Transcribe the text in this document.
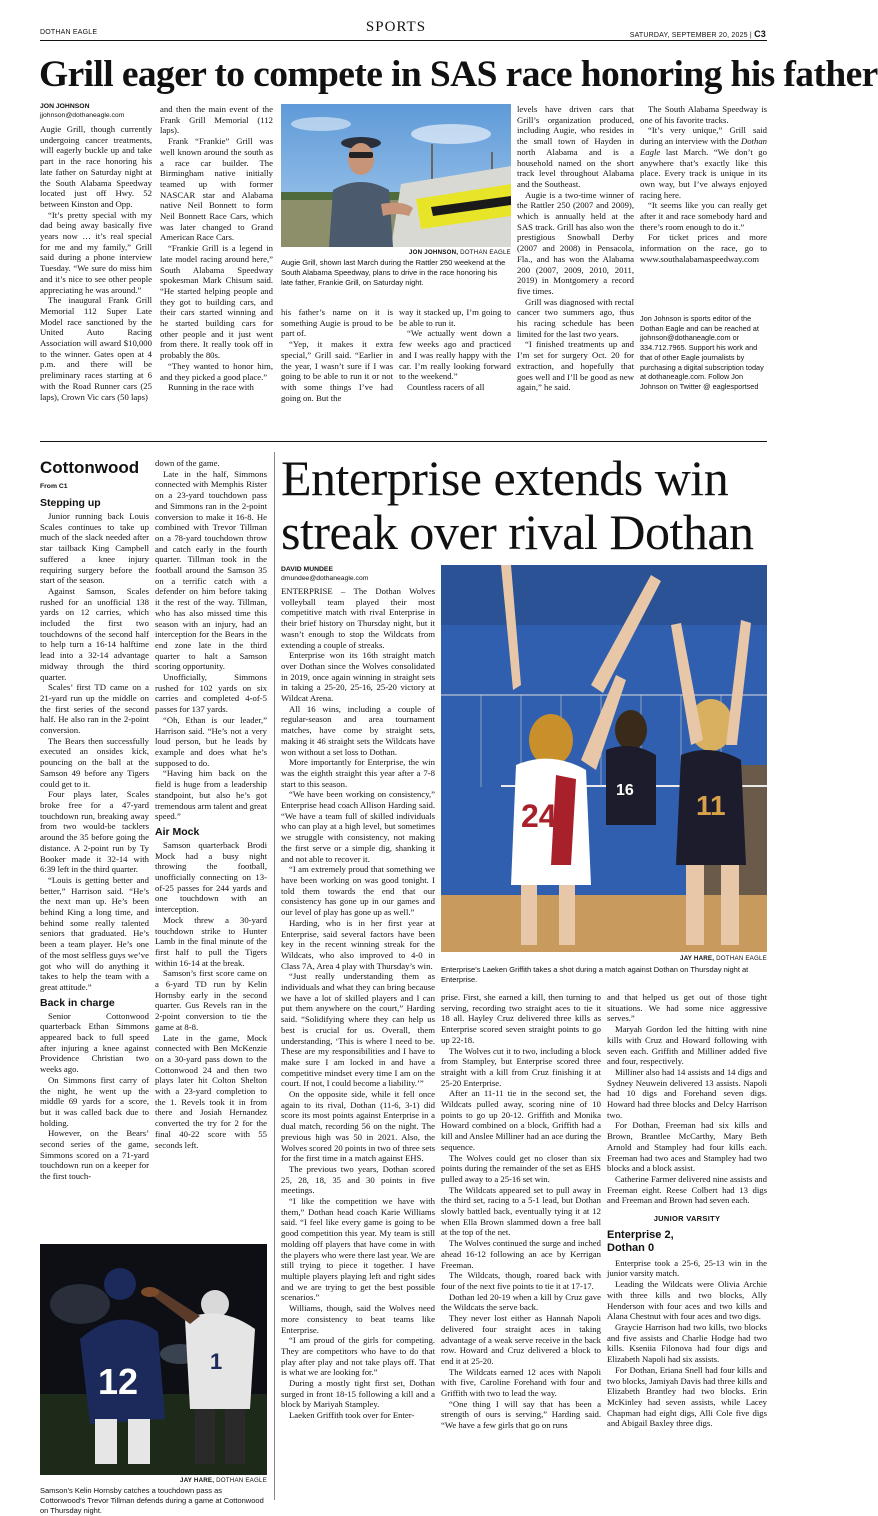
DOTHAN EAGLE	SPORTS
SATURDAY, SEPTEMBER 20, 2025 | C3
Grill eager to compete in SAS race honoring his father
JON JOHNSON
jjohnson@dothaneagle.com

Augie Grill, though currently undergoing cancer treatments, will eagerly buckle up and take part in the race honoring his late father on Saturday night at the South Alabama Speedway located just off Hwy. 52 between Kinston and Opp.

“It’s pretty special with my dad being away basically five years now … it’s real special for me and my family,” Grill said during a phone interview Tuesday. “We sure do miss him and it’s nice to see other people appreciating he was around.”

The inaugural Frank Grill Memorial 112 Super Late Model race sanctioned by the United Auto Racing Association will award $10,000 to the winner. Gates open at 4 p.m. and there will be preliminary races starting at 6 with the Road Runner cars (25 laps), Crown Vic cars (50 laps)

and then the main event of the Frank Grill Memorial (112 laps).

Frank “Frankie” Grill was well known around the south as a race car builder. The Birmingham native initially teamed up with former NASCAR star and Alabama native Neil Bonnett to form Neil Bonnett Race Cars, which was later changed to Grand American Race Cars.

“Frankie Grill is a legend in late model racing around here,” South Alabama Speedway spokesman Mark Chisum said. “He started helping people and they got to building cars, and their cars started winning and he started building cars for other people and it just went from there. It really took off in probably the 80s.

“They wanted to honor him, and they picked a good place.”

Running in the race with

JON JOHNSON, DOTHAN EAGLE
Augie Grill, shown last March during the Rattler 250 weekend at the South Alabama Speedway, plans to drive in the race honoring his late father, Frankie Grill, on Saturday night.

his father’s name on it is something Augie is proud to be part of.

“Yep, it makes it extra special,” Grill said. “Earlier in the year, I wasn’t sure if I was going to be able to run it or not with some things I’ve had going on. But the

way it stacked up, I’m going to be able to run it.

“We actually went down a few weeks ago and practiced and I was really happy with the car. I’m really looking forward to the weekend.”

Countless racers of all

levels have driven cars that Grill’s organization produced, including Augie, who resides in the small town of Hayden in north Alabama and is a household named on the short track level throughout Alabama and the Southeast.

Augie is a two-time winner of the Rattler 250 (2007 and 2009), which is annually held at the SAS track. Grill has also won the prestigious Snowball Derby (2007 and 2008) in Pensacola, Fla., and has won the Alabama 200 (2007, 2009, 2010, 2011, 2019) in Montgomery a record five times.

Grill was diagnosed with rectal cancer two summers ago, thus his racing schedule has been limited for the last two years.

“I finished treatments up and I’m set for surgery Oct. 20 for extraction, and hopefully that goes well and I’ll be good as new again,” he said.

The South Alabama Speedway is one of his favorite tracks.

“It’s very unique,” Grill said during an interview with the Dothan Eagle last March. “We don’t go anywhere that’s exactly like this place. Every track is unique in its own way, but I’ve always enjoyed racing here.

“It seems like you can really get after it and race somebody hard and there’s room enough to do it.”

For ticket prices and more information on the race, go to www.southalabamaspeedway.com

Jon Johnson is sports editor of the Dothan Eagle and can be reached at jjohnson@dothaneagle.com or 334.712.7965. Support his work and that of other Eagle journalists by purchasing a digital subscription today at dothaneagle.com. Follow Jon Johnson on Twitter @ eaglesportsed
Cottonwood
From C1
Stepping up

Junior running back Louis Scales continues to take up much of the slack needed after star tailback King Campbell suffered a knee injury requiring surgery before the start of the season.

Against Samson, Scales rushed for an unofficial 138 yards on 12 carries, which included the first two touchdowns of the second half to help turn a 16-14 halftime lead into a 32-14 advantage midway through the third quarter.

Scales’ first TD came on a 21-yard run up the middle on the first series of the second half. He also ran in the 2-point conversion.

The Bears then successfully executed an onsides kick, pouncing on the ball at the Samson 49 before any Tigers could get to it.

Four plays later, Scales broke free for a 47-yard touchdown run, breaking away from two would-be tacklers around the 35 before going the distance. A 2-point run by Ty Booker made it 32-14 with 6:39 left in the third quarter.

“Louis is getting better and better,” Harrison said. “He’s the next man up. He’s been behind King a long time, and behind some really talented seniors that graduated. He’s been a team player. He’s one of the most selfless guys we’ve got who will do anything it takes to help the team with a great attitude.”

Back in charge

Senior Cottonwood quarterback Ethan Simmons appeared back to full speed after injuring a knee against Providence Christian two weeks ago.

On Simmons first carry of the night, he went up the middle 69 yards for a score, but it was called back due to holding.

However, on the Bears’ second series of the game, Simmons scored on a 71-yard touchdown run on a keeper for the first touch-

down of the game.

Late in the half, Simmons connected with Memphis Rister on a 23-yard touchdown pass and Simmons ran in the 2-point conversion to make it 16-8. He combined with Trevor Tillman on a 78-yard touchdown throw and catch early in the fourth quarter. Tillman took in the football around the Samson 35 on a terrific catch with a defender on him before taking it the rest of the way. Tillman, who has also missed time this season with an injury, had an interception for the Bears in the end zone late in the third quarter to halt a Samson scoring opportunity.

Unofficially, Simmons rushed for 102 yards on six carries and completed 4-of-5 passes for 137 yards.

“Oh, Ethan is our leader,” Harrison said. “He’s not a very loud person, but he leads by example and does what he’s supposed to do.

“Having him back on the field is huge from a leadership standpoint, but also he’s got tremendous arm talent and great speed.”

Air Mock

Samson quarterback Brodi Mock had a busy night throwing the football, unofficially connecting on 13-of-25 passes for 244 yards and one touchdown with an interception.

Mock threw a 30-yard touchdown strike to Hunter Lamb in the final minute of the first half to pull the Tigers within 16-14 at the break.

Samson’s first score came on a 6-yard TD run by Kelin Hornsby early in the second quarter. Gus Revels ran in the 2-point conversion to tie the game at 8-8.

Late in the game, Mock connected with Ben McKenzie on a 30-yard pass down to the Cottonwood 24 and then two plays later hit Colton Shelton with a 23-yard completion to the 1. Revels took it in from there and Josiah Hernandez converted the try for 2 for the final 40-22 score with 55 seconds left.

12	1
JAY HARE, DOTHAN EAGLE
Samson’s Kelin Hornsby catches a touchdown pass as Cottonwood’s Trevor Tillman defends during a game at Cottonwood on Thursday night.
Enterprise extends win streak over rival Dothan
DAVID MUNDEE
dmundee@dothaneagle.com

ENTERPRISE – The Dothan Wolves volleyball team played their most competitive match with rival Enterprise in their brief history on Thursday night, but it wasn’t enough to stop the Wildcats from extending a couple of streaks.

Enterprise won its 16th straight match over Dothan since the Wolves consolidated in 2019, once again winning in straight sets in taking a 25-20, 25-16, 25-20 victory at Wildcat Arena.

All 16 wins, including a couple of regular-season and area tournament matches, have come by straight sets, making it 46 straight sets the Wildcats have won without a set loss to Dothan.

More importantly for Enterprise, the win was the eighth straight this year after a 7-8 start to this season.

“We have been working on consistency,” Enterprise head coach Allison Harding said. “We have a team full of skilled individuals who can play at a high level, but sometimes we struggle with consistency, not making the first serve or a simple dig, shanking it and not able to recover it.

“I am extremely proud that something we have been working on was good tonight. I told them towards the end that our consistency has gone up in our games and our level of play has gone up as well.”

Harding, who is in her first year at Enterprise, said several factors have been key in the recent winning streak for the Wildcats, who also improved to 4-0 in Class 7A, Area 4 play with Thursday’s win.

“Just really understanding them as individuals and what they can bring because we have a lot of skilled players and I can put them anywhere on the court,” Harding said. “Solidifying where they can help us best is crucial for us. Overall, them understanding, ‘This is where I need to be. These are my responsibilities and I have to make sure I am locked in and have a competitive mindset every time I am on the court. If not, I could become a liability.’”

On the opposite side, while it fell once again to its rival, Dothan (11-6, 3-1) did score its most points against Enterprise in a dual match, recording 56 on the night. The previous high was 50 in 2021. Also, the Wolves scored 20 points in two of three sets for the first time in a match against EHS.

The previous two years, Dothan scored 25, 28, 18, 35 and 30 points in five meetings.

“I like the competition we have with them,” Dothan head coach Karie Williams said. “I feel like every game is going to be good competition this year. My team is still molding off players that have come in with the players who were there last year. We are still trying to piece it together. I have multiple players playing left and right sides and we are trying to get the best possible scenarios.”

Williams, though, said the Wolves need more consistency to beat teams like Enterprise.

“I am proud of the girls for competing. They are competitors who have to do that play after play and not take plays off. That is what we are looking for.”

During a mostly tight first set, Dothan surged in front 18-15 following a kill and a block by Mariyah Stampley.

Laeken Griffith took over for Enter-

24
16 11
JAY HARE, DOTHAN EAGLE
Enterprise’s Laeken Griffith takes a shot during a match against Dothan on Thursday night at Enterprise.

prise. First, she earned a kill, then turning to serving, recording two straight aces to tie it 18 all. Hayley Cruz delivered three kills as Enterprise scored seven straight points to go up 22-18.

The Wolves cut it to two, including a block from Stampley, but Enterprise scored three straight with a kill from Cruz finishing it at 25-20 Enterprise.

After an 11-11 tie in the second set, the Wildcats pulled away, scoring nine of 10 points to go up 20-12. Griffith and Monika Howard combined on a block, Griffith had a kill and Anslee Milliner had an ace during the sequence.

The Wolves could get no closer than six points during the remainder of the set as EHS pulled away to a 25-16 set win.

The Wildcats appeared set to pull away in the third set, racing to a 5-1 lead, but Dothan slowly battled back, eventually tying it at 12 when Ella Brown slammed down a free ball at the top of the net.

The Wolves continued the surge and inched ahead 16-12 following an ace by Kerrigan Freeman.

The Wildcats, though, roared back with four of the next five points to tie it at 17-17.

Dothan led 20-19 when a kill by Cruz gave the Wildcats the serve back.

They never lost either as Hannah Napoli delivered four straight aces in taking advantage of a weak serve receive in the back row. Howard and Cruz delivered a block to end it at 25-20.

The Wildcats earned 12 aces with Napoli with five, Caroline Forehand with four and Griffith with two to lead the way.

“One thing I will say that has been a strength of ours is serving,” Harding said. “We have a few girls that go on runs

and that helped us get out of those tight situations. We had some nice aggressive serves.”

Maryah Gordon led the hitting with nine kills with Cruz and Howard following with seven each. Griffith and Milliner added five and four, respectively.

Milliner also had 14 assists and 14 digs and Sydney Neuwein delivered 13 assists. Napoli had 10 digs and Forehand seven digs. Howard had three blocks and Delcy Harrison two.

For Dothan, Freeman had six kills and Brown, Brantlee McCarthy, Mary Beth Arnold and Stampley had four kills each. Freeman had two aces and Stampley had two blocks and a block assist.

Catherine Farmer delivered nine assists and Freeman eight. Reese Colbert had 13 digs and Freeman and Brown had seven each.

JUNIOR VARSITY
Enterprise 2,
Dothan 0

Enterprise took a 25-6, 25-13 win in the junior varsity match.

Leading the Wildcats were Olivia Archie with three kills and two blocks, Ally Henderson with four aces and two kills and Alana Chestnut with four aces and two digs.

Graycie Harrison had two kills, two blocks and five assists and Charlie Hodge had two kills. Kseniia Filonova had four digs and Elizabeth Napoli had six assists.

For Dothan, Eriana Snell had four kills and two blocks, Jamiyah Davis had three kills and Elizabeth Brantley had two blocks. Erin McKinley had seven assists, while Lacey Chapman had eight digs, Alli Cole five digs and Abigail Baxley three digs.
